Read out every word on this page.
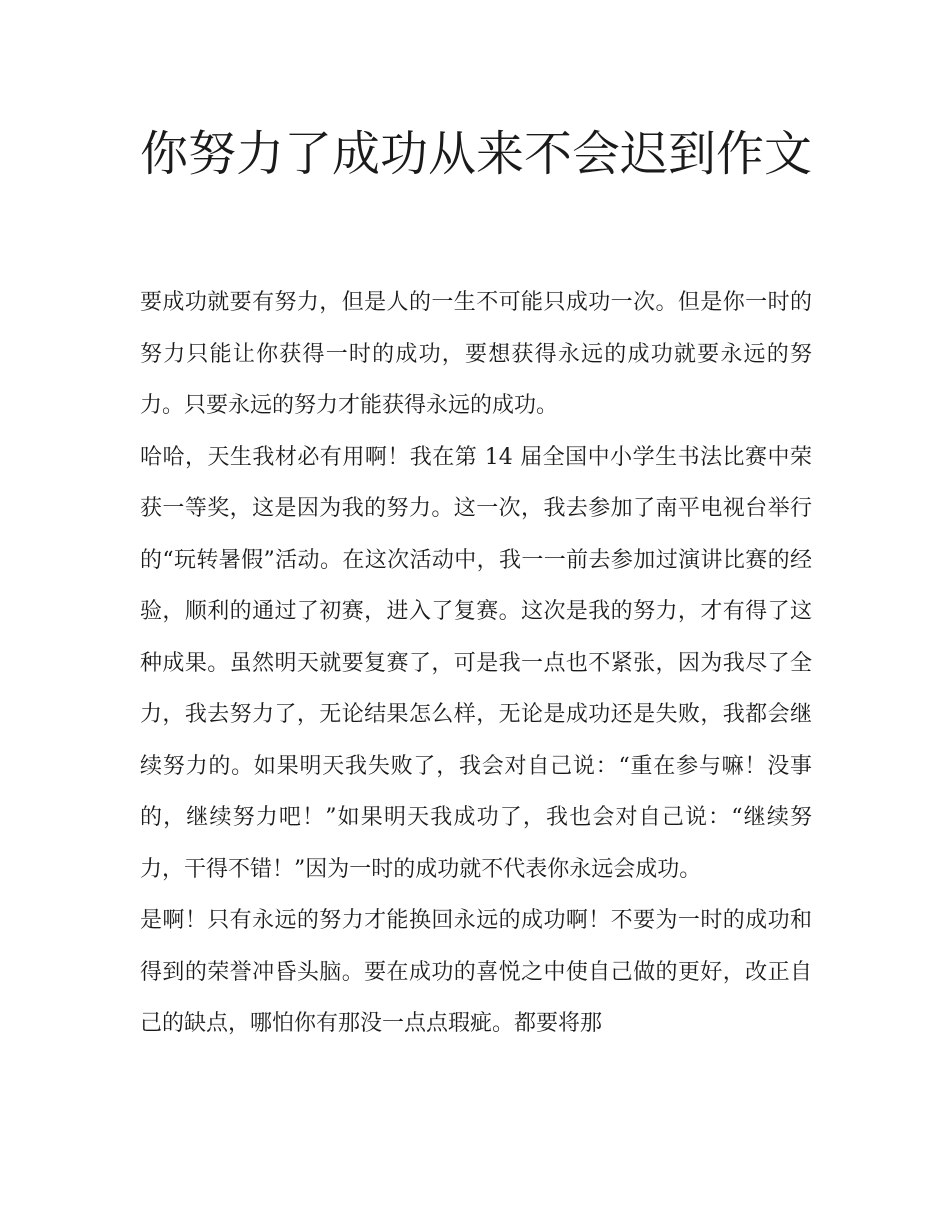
你努力了成功从来不会迟到作文

要成功就要有努力，但是人的一生不可能只成功一次。但是你一时的努力只能让你获得一时的成功，要想获得永远的成功就要永远的努力。只要永远的努力才能获得永远的成功。

哈哈，天生我材必有用啊！我在第 14 届全国中小学生书法比赛中荣获一等奖，这是因为我的努力。这一次，我去参加了南平电视台举行的“玩转暑假”活动。在这次活动中，我一一前去参加过演讲比赛的经验，顺利的通过了初赛，进入了复赛。这次是我的努力，才有得了这种成果。虽然明天就要复赛了，可是我一点也不紧张，因为我尽了全力，我去努力了，无论结果怎么样，无论是成功还是失败，我都会继续努力的。如果明天我失败了，我会对自己说：“重在参与嘛！没事的，继续努力吧！”如果明天我成功了，我也会对自己说：“继续努力，干得不错！”因为一时的成功就不代表你永远会成功。

是啊！只有永远的努力才能换回永远的成功啊！不要为一时的成功和得到的荣誉冲昏头脑。要在成功的喜悦之中使自己做的更好，改正自己的缺点，哪怕你有那没一点点瑕疵。都要将那
